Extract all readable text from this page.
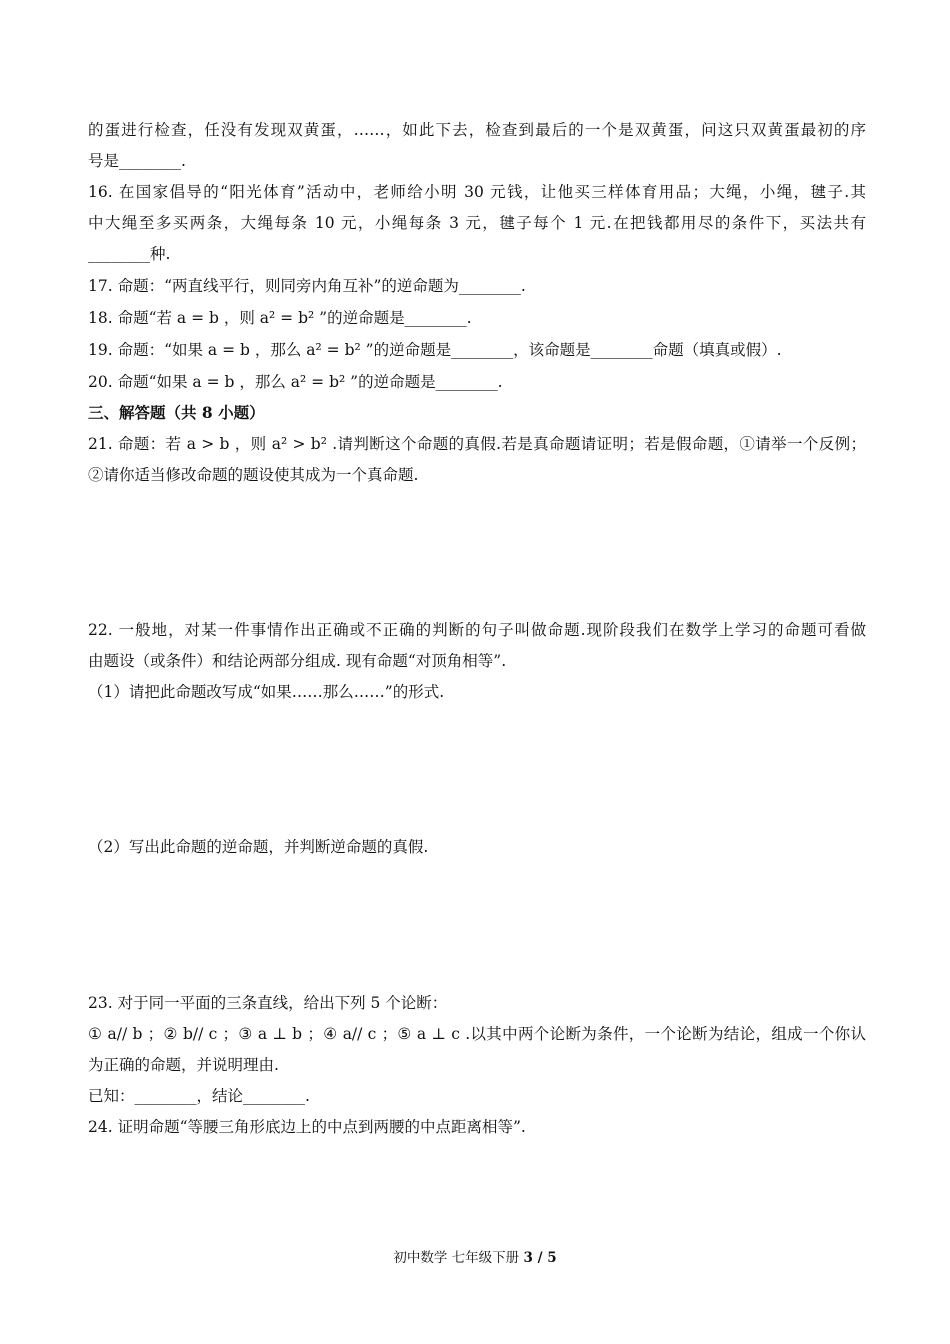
的蛋进行检查，任没有发现双黄蛋，……，如此下去，检查到最后的一个是双黄蛋，问这只双黄蛋最初的序
号是________.
16. 在国家倡导的“阳光体育”活动中，老师给小明 30 元钱，让他买三样体育用品；大绳，小绳，毽子.其
中大绳至多买两条，大绳每条 10 元，小绳每条 3 元，毽子每个 1 元.在把钱都用尽的条件下，买法共有
________种.
17. 命题：“两直线平行，则同旁内角互补”的逆命题为________.
18. 命题“若 a = b ，则 a² = b² ”的逆命题是________.
19. 命题：“如果 a = b ，那么 a² = b² ”的逆命题是________，该命题是________命题（填真或假）.
20. 命题“如果 a = b ，那么 a² = b² ”的逆命题是________.
三、解答题（共 8 小题）
21. 命题：若 a > b ，则 a² > b² .请判断这个命题的真假.若是真命题请证明；若是假命题，①请举一个反例；
②请你适当修改命题的题设使其成为一个真命题.
22. 一般地，对某一件事情作出正确或不正确的判断的句子叫做命题.现阶段我们在数学上学习的命题可看做
由题设（或条件）和结论两部分组成. 现有命题“对顶角相等”.
（1）请把此命题改写成“如果……那么……”的形式.
（2）写出此命题的逆命题，并判断逆命题的真假.
23. 对于同一平面的三条直线，给出下列 5 个论断：
① a// b ；② b// c ；③ a ⊥ b ；④ a// c ；⑤ a ⊥ c .以其中两个论断为条件，一个论断为结论，组成一个你认
为正确的命题，并说明理由.
已知：________，结论________.
24. 证明命题“等腰三角形底边上的中点到两腰的中点距离相等”.
初中数学 七年级下册 3 / 5
